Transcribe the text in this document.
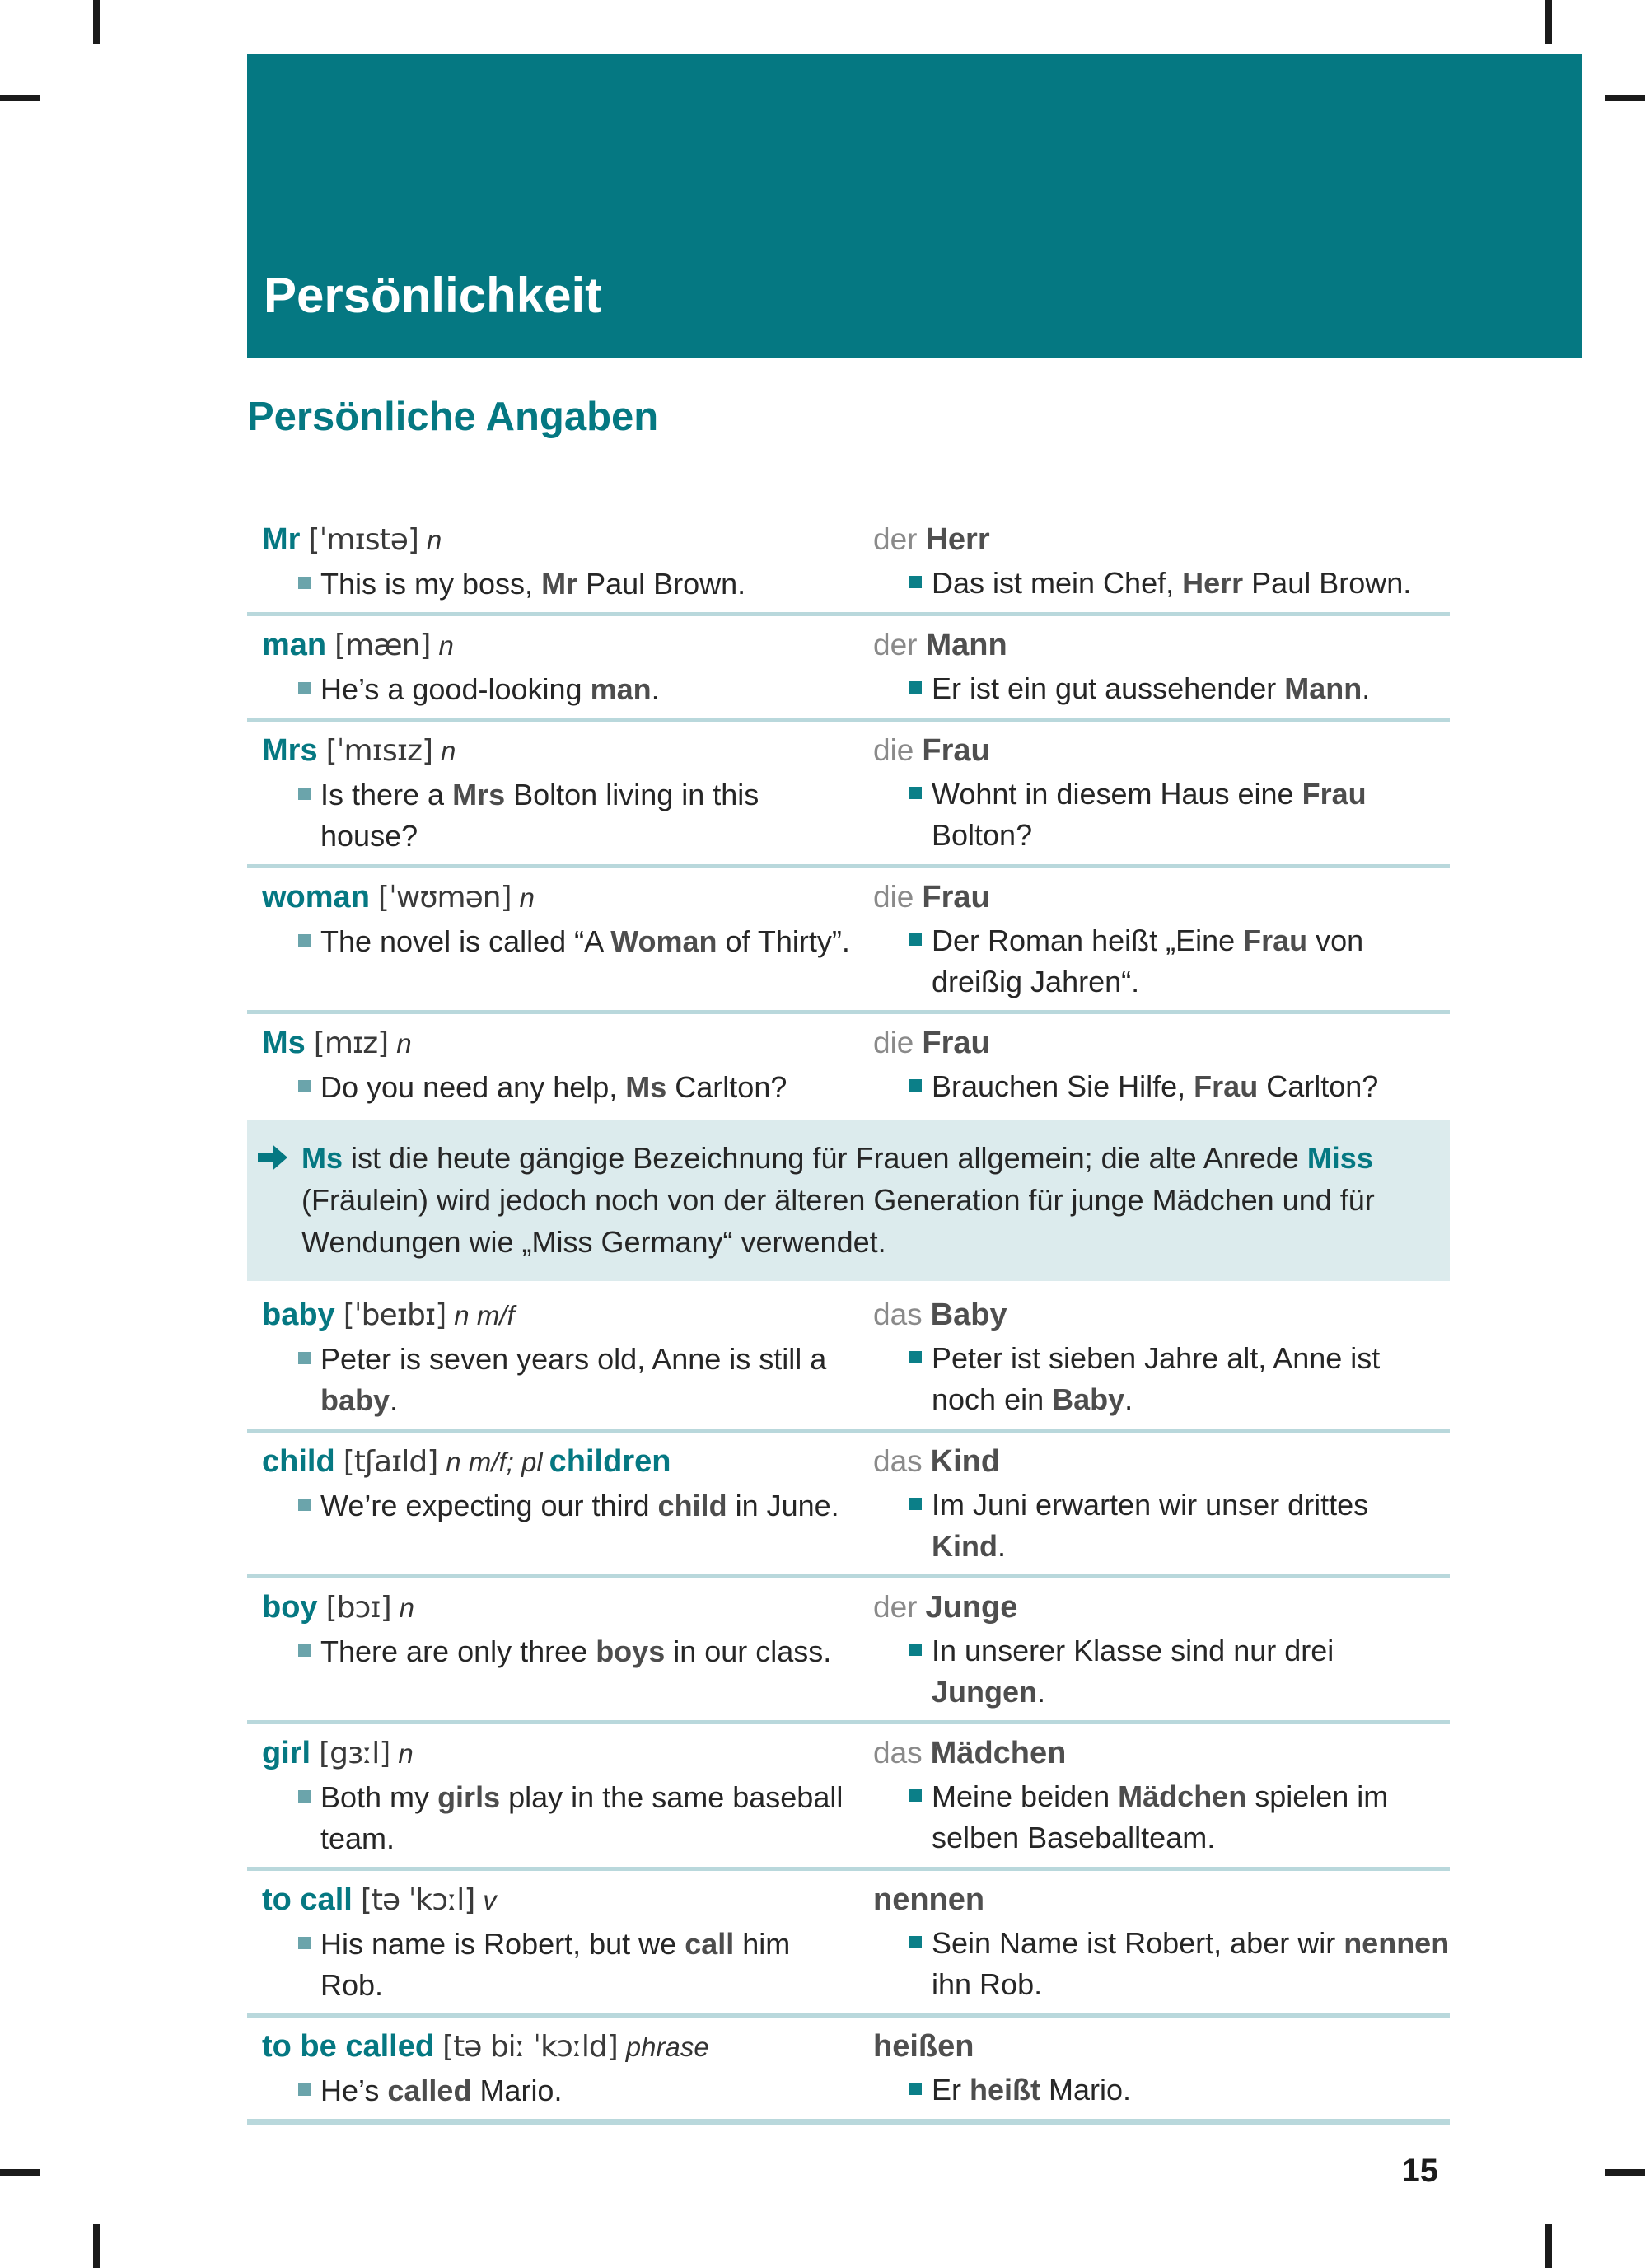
Persönlichkeit
Persönliche Angaben
Mr [ˈmɪstə] n
This is my boss, Mr Paul Brown.
der Herr
Das ist mein Chef, Herr Paul Brown.
man [mæn] n
He’s a good-looking man.
der Mann
Er ist ein gut aussehender Mann.
Mrs [ˈmɪsɪz] n
Is there a Mrs Bolton living in this house?
die Frau
Wohnt in diesem Haus eine Frau Bolton?
woman [ˈwʊmən] n
The novel is called “A Woman of Thirty”.
die Frau
Der Roman heißt „Eine Frau von dreißig Jahren“.
Ms [mɪz] n
Do you need any help, Ms Carlton?
die Frau
Brauchen Sie Hilfe, Frau Carlton?
Ms ist die heute gängige Bezeichnung für Frauen allgemein; die alte Anrede Miss (Fräulein) wird jedoch noch von der älteren Generation für junge Mädchen und für Wendungen wie „Miss Germany“ verwendet.
baby [ˈbeɪbɪ] n m/f
Peter is seven years old, Anne is still a baby.
das Baby
Peter ist sieben Jahre alt, Anne ist noch ein Baby.
child [tʃaɪld] n m/f; pl children
We’re expecting our third child in June.
das Kind
Im Juni erwarten wir unser drittes Kind.
boy [bɔɪ] n
There are only three boys in our class.
der Junge
In unserer Klasse sind nur drei Jungen.
girl [gɜːl] n
Both my girls play in the same baseball team.
das Mädchen
Meine beiden Mädchen spielen im selben Baseballteam.
to call [tə ˈkɔːl] v
His name is Robert, but we call him Rob.
nennen
Sein Name ist Robert, aber wir nennen ihn Rob.
to be called [tə biː ˈkɔːld] phrase
He’s called Mario.
heißen
Er heißt Mario.
15
